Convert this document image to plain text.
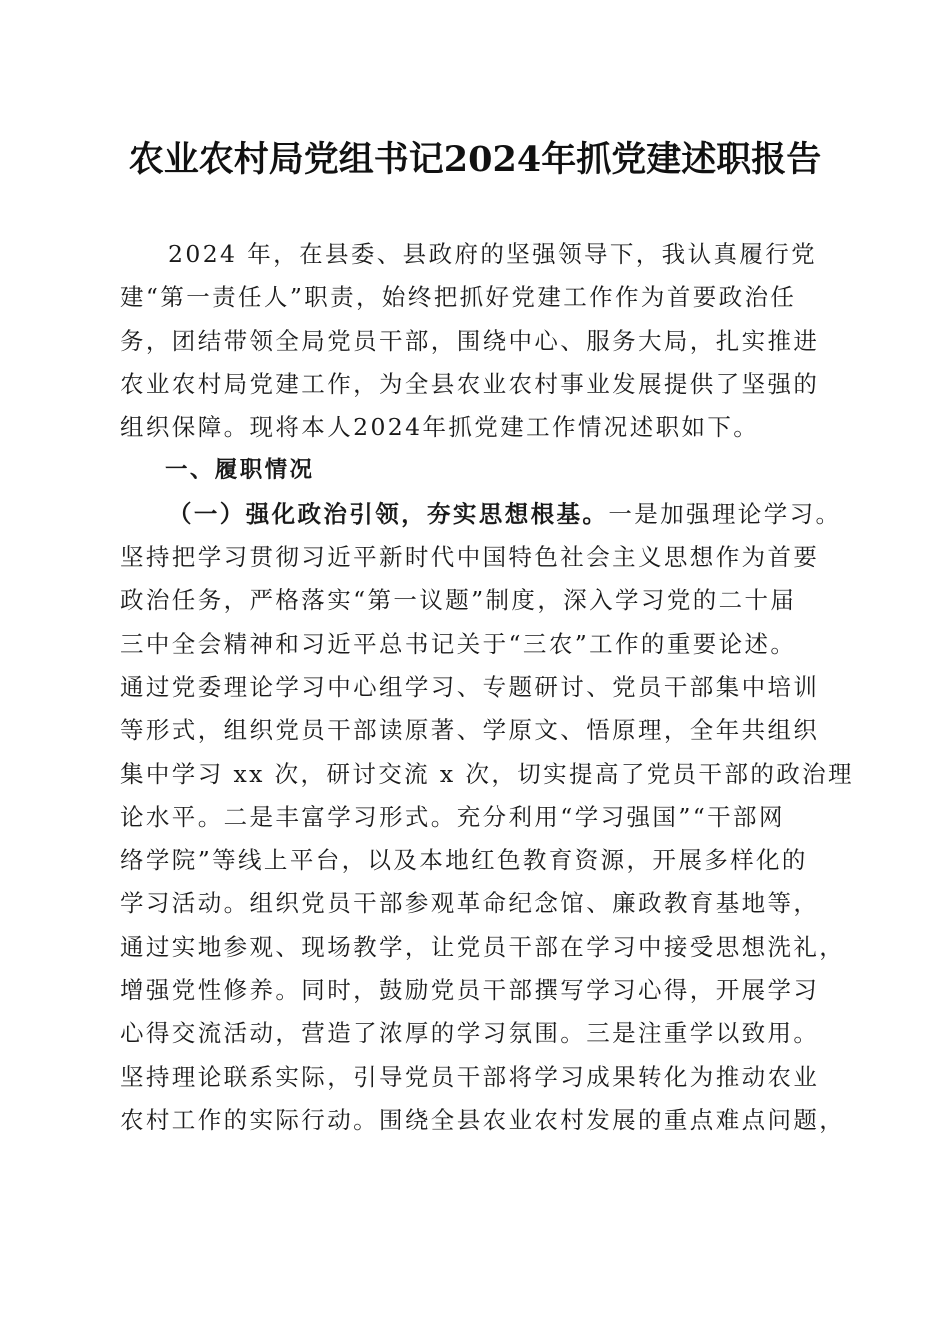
农业农村局党组书记2024年抓党建述职报告

2024 年，在县委、县政府的坚强领导下，我认真履行党
建“第一责任人”职责，始终把抓好党建工作作为首要政治任
务，团结带领全局党员干部，围绕中心、服务大局，扎实推进
农业农村局党建工作，为全县农业农村事业发展提供了坚强的
组织保障。现将本人2024年抓党建工作情况述职如下。

一、履职情况

（一）强化政治引领，夯实思想根基。一是加强理论学习。
坚持把学习贯彻习近平新时代中国特色社会主义思想作为首要
政治任务，严格落实“第一议题”制度，深入学习党的二十届
三中全会精神和习近平总书记关于“三农”工作的重要论述。
通过党委理论学习中心组学习、专题研讨、党员干部集中培训
等形式，组织党员干部读原著、学原文、悟原理，全年共组织
集中学习 xx 次，研讨交流 x 次，切实提高了党员干部的政治理
论水平。二是丰富学习形式。充分利用“学习强国”“干部网
络学院”等线上平台，以及本地红色教育资源，开展多样化的
学习活动。组织党员干部参观革命纪念馆、廉政教育基地等，
通过实地参观、现场教学，让党员干部在学习中接受思想洗礼，
增强党性修养。同时，鼓励党员干部撰写学习心得，开展学习
心得交流活动，营造了浓厚的学习氛围。三是注重学以致用。
坚持理论联系实际，引导党员干部将学习成果转化为推动农业
农村工作的实际行动。围绕全县农业农村发展的重点难点问题，
